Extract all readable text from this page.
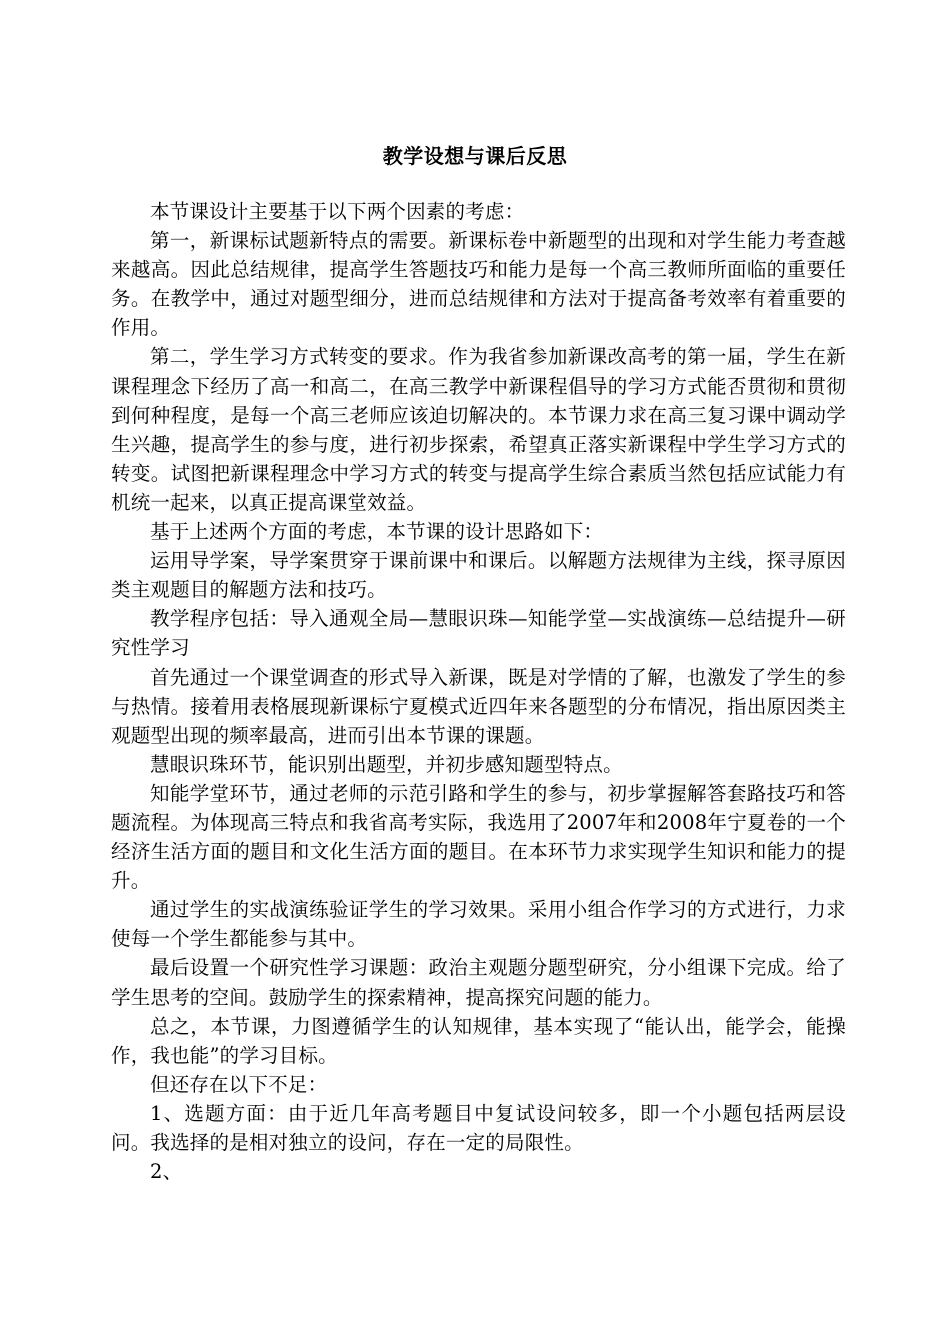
教学设想与课后反思

本节课设计主要基于以下两个因素的考虑：

第一，新课标试题新特点的需要。新课标卷中新题型的出现和对学生能力考查越来越高。因此总结规律，提高学生答题技巧和能力是每一个高三教师所面临的重要任务。在教学中，通过对题型细分，进而总结规律和方法对于提高备考效率有着重要的作用。

第二，学生学习方式转变的要求。作为我省参加新课改高考的第一届，学生在新课程理念下经历了高一和高二，在高三教学中新课程倡导的学习方式能否贯彻和贯彻到何种程度，是每一个高三老师应该迫切解决的。本节课力求在高三复习课中调动学生兴趣，提高学生的参与度，进行初步探索，希望真正落实新课程中学生学习方式的转变。试图把新课程理念中学习方式的转变与提高学生综合素质当然包括应试能力有机统一起来，以真正提高课堂效益。

基于上述两个方面的考虑，本节课的设计思路如下：

运用导学案，导学案贯穿于课前课中和课后。以解题方法规律为主线，探寻原因类主观题目的解题方法和技巧。

教学程序包括：导入通观全局—慧眼识珠—知能学堂—实战演练—总结提升—研究性学习

首先通过一个课堂调查的形式导入新课，既是对学情的了解，也激发了学生的参与热情。接着用表格展现新课标宁夏模式近四年来各题型的分布情况，指出原因类主观题型出现的频率最高，进而引出本节课的课题。

慧眼识珠环节，能识别出题型，并初步感知题型特点。

知能学堂环节，通过老师的示范引路和学生的参与，初步掌握解答套路技巧和答题流程。为体现高三特点和我省高考实际，我选用了2007年和2008年宁夏卷的一个经济生活方面的题目和文化生活方面的题目。在本环节力求实现学生知识和能力的提升。

通过学生的实战演练验证学生的学习效果。采用小组合作学习的方式进行，力求使每一个学生都能参与其中。

最后设置一个研究性学习课题：政治主观题分题型研究，分小组课下完成。给了学生思考的空间。鼓励学生的探索精神，提高探究问题的能力。

总之，本节课，力图遵循学生的认知规律，基本实现了“能认出，能学会，能操作，我也能”的学习目标。

但还存在以下不足：

1、选题方面：由于近几年高考题目中复试设问较多，即一个小题包括两层设问。我选择的是相对独立的设问，存在一定的局限性。

2、
